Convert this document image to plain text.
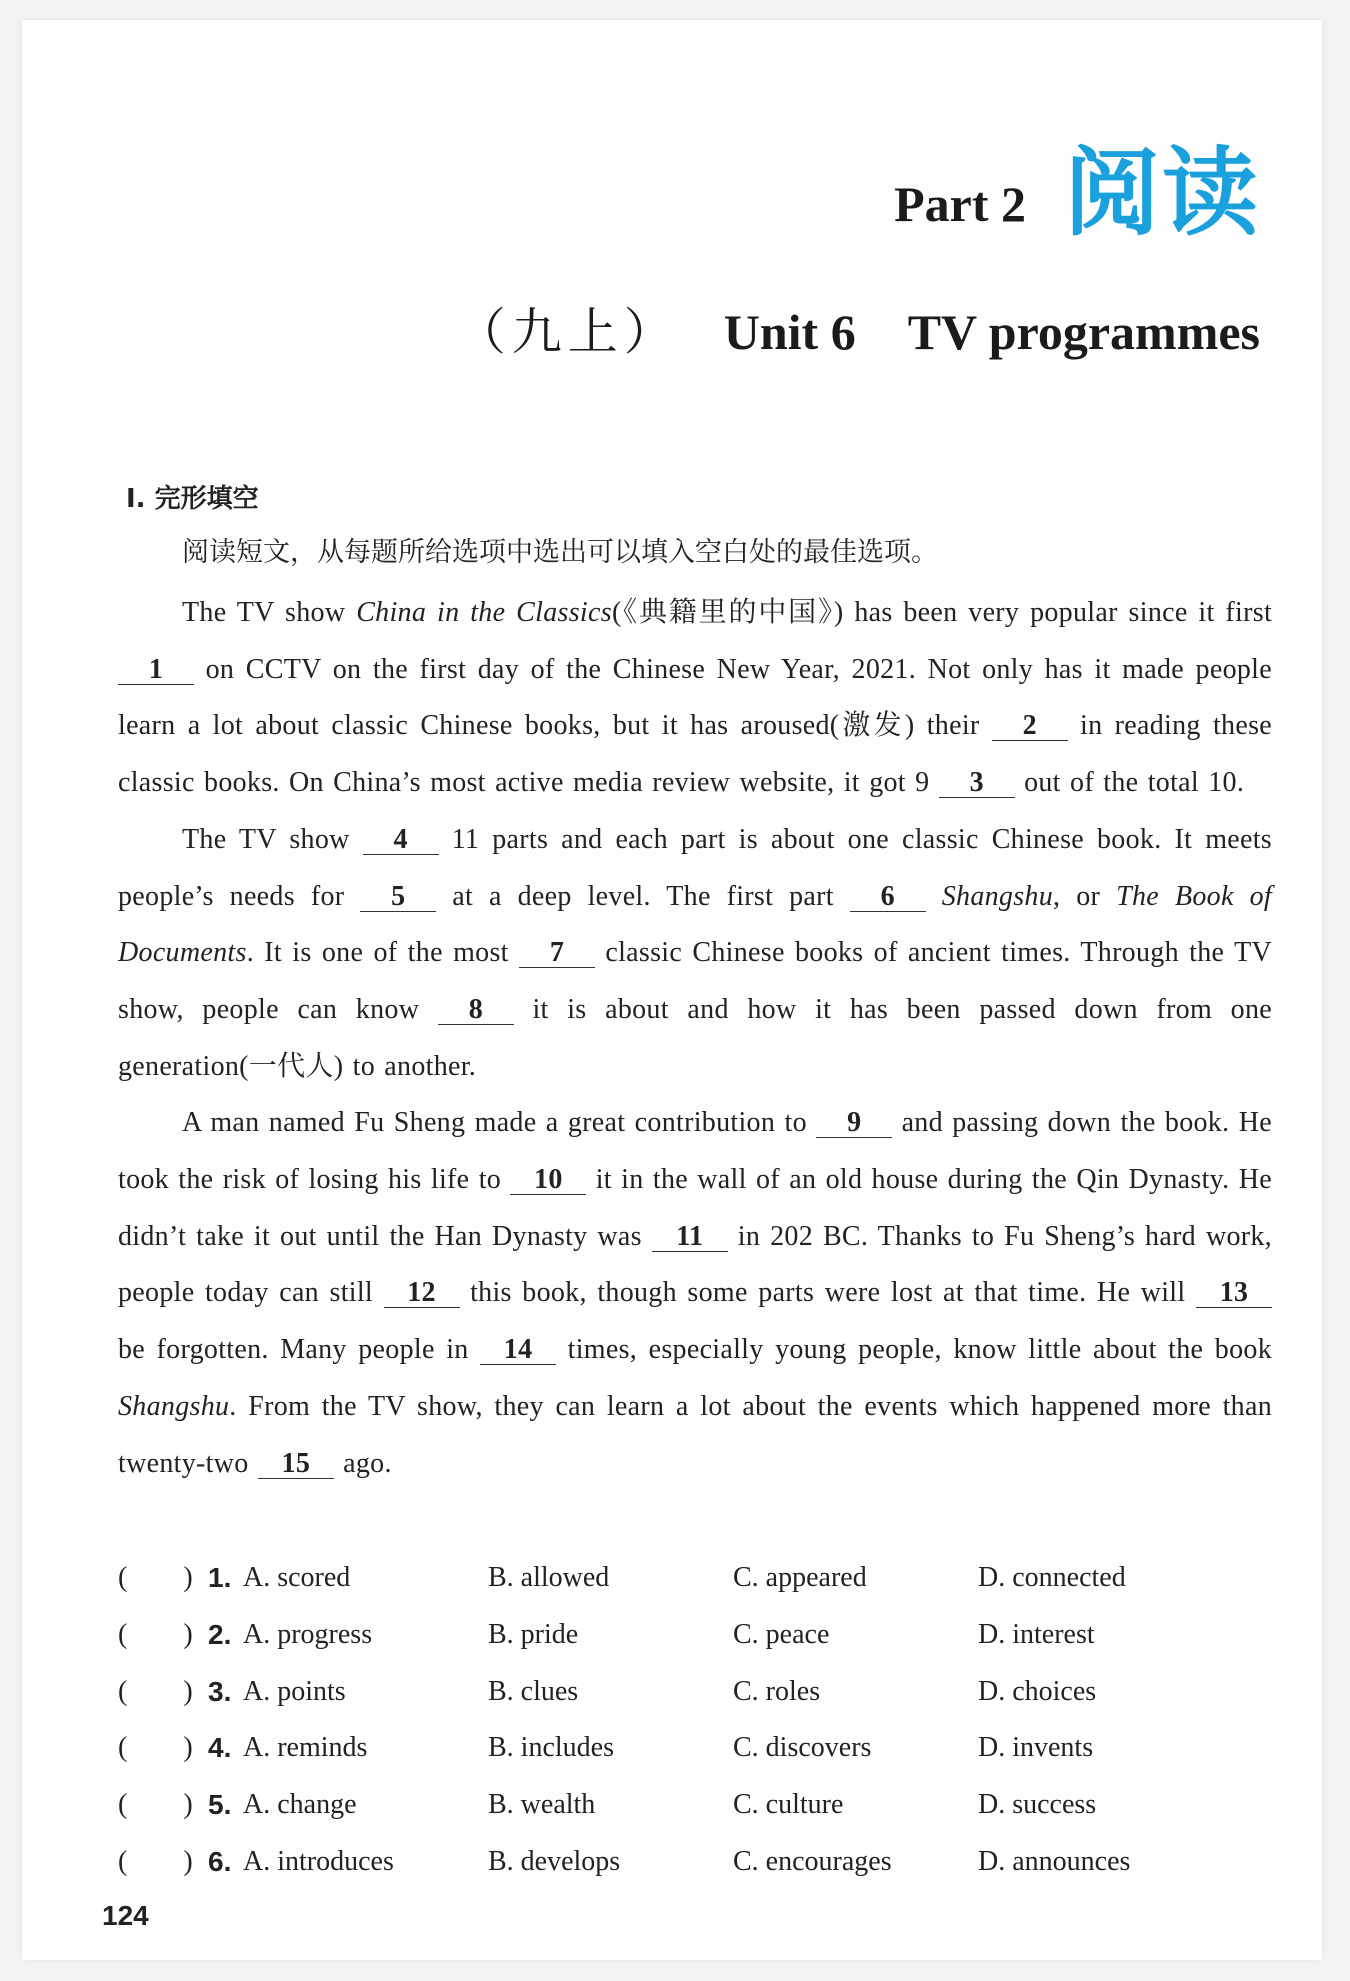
Part 2 阅读
（九上） Unit 6 TV programmes
Ⅰ. 完形填空
阅读短文，从每题所给选项中选出可以填入空白处的最佳选项。

The TV show China in the Classics(《典籍里的中国》) has been very popular since it first 1 on CCTV on the first day of the Chinese New Year, 2021. Not only has it made people learn a lot about classic Chinese books, but it has aroused(激发) their 2 in reading these classic books. On China’s most active media review website, it got 9 3 out of the total 10.

The TV show 4 11 parts and each part is about one classic Chinese book. It meets people’s needs for 5 at a deep level. The first part 6 Shangshu, or The Book of Documents. It is one of the most 7 classic Chinese books of ancient times. Through the TV show, people can know 8 it is about and how it has been passed down from one generation(一代人) to another.

A man named Fu Sheng made a great contribution to 9 and passing down the book. He took the risk of losing his life to 10 it in the wall of an old house during the Qin Dynasty. He didn’t take it out until the Han Dynasty was 11 in 202 BC. Thanks to Fu Sheng’s hard work, people today can still 12 this book, though some parts were lost at that time. He will 13 be forgotten. Many people in 14 times, especially young people, know little about the book Shangshu. From the TV show, they can learn a lot about the events which happened more than twenty-two 15 ago.

(        ) 1. A. scored	B. allowed	C. appeared	D. connected
(        ) 2. A. progress	B. pride	C. peace	D. interest
(        ) 3. A. points	B. clues	C. roles	D. choices
(        ) 4. A. reminds	B. includes	C. discovers	D. invents
(        ) 5. A. change	B. wealth	C. culture	D. success
(        ) 6. A. introduces	B. develops	C. encourages	D. announces
124
